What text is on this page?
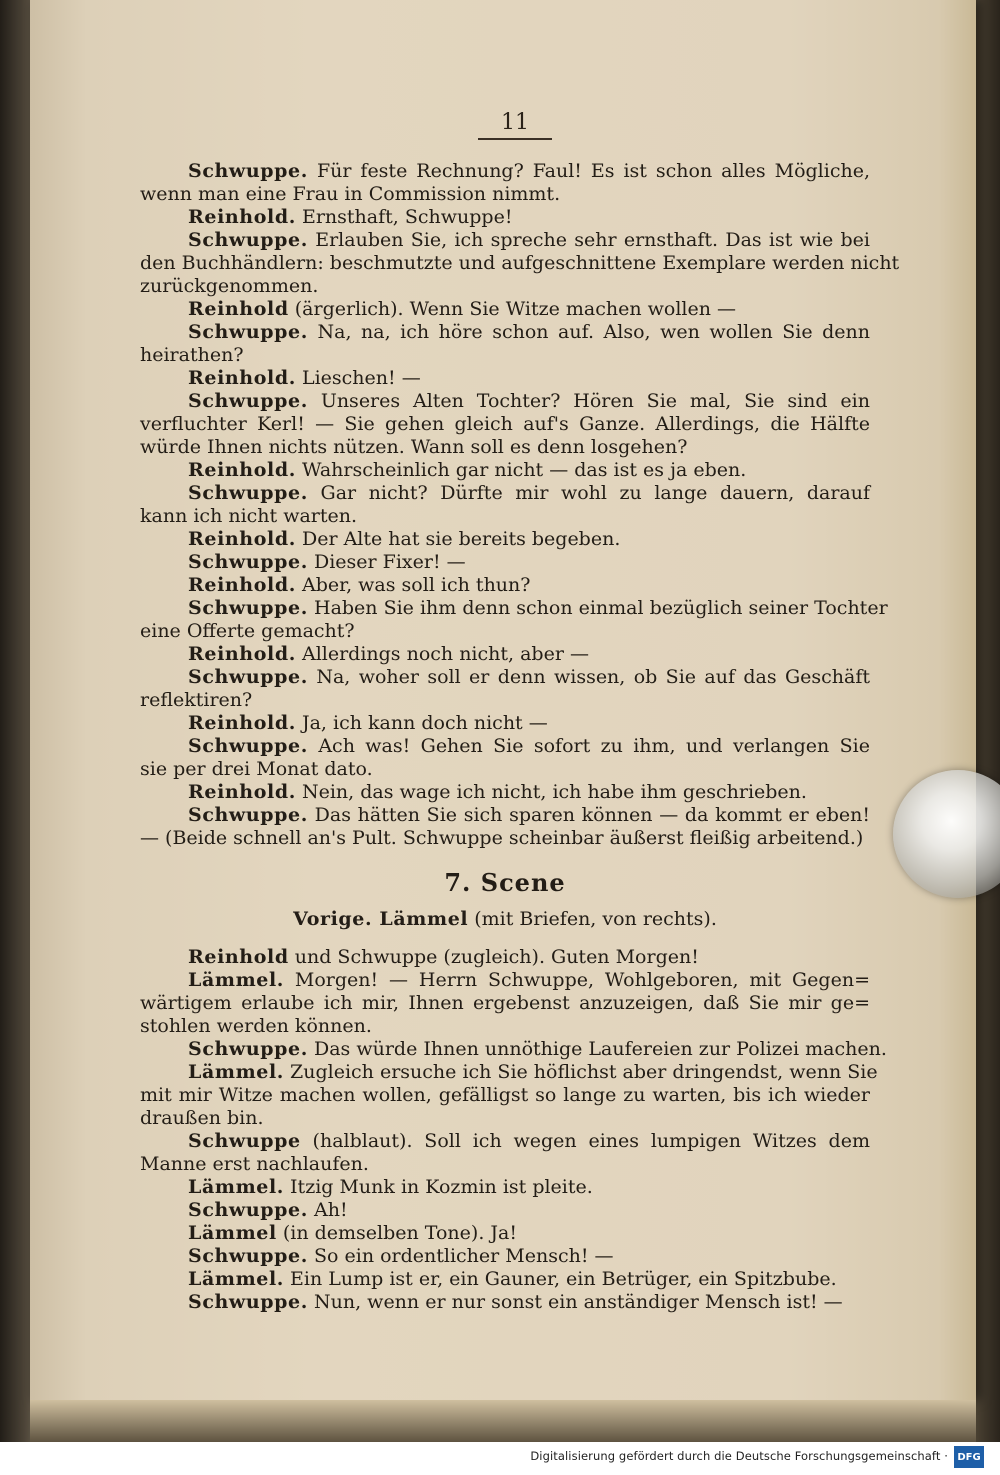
11
Schwuppe. Für feste Rechnung? Faul! Es ist schon alles Mögliche,
wenn man eine Frau in Commission nimmt.
Reinhold. Ernsthaft, Schwuppe!
Schwuppe. Erlauben Sie, ich spreche sehr ernsthaft. Das ist wie bei
den Buchhändlern: beschmutzte und aufgeschnittene Exemplare werden nicht
zurückgenommen.
Reinhold (ärgerlich). Wenn Sie Witze machen wollen —
Schwuppe. Na, na, ich höre schon auf. Also, wen wollen Sie denn
heirathen?
Reinhold. Lieschen! —
Schwuppe. Unseres Alten Tochter? Hören Sie mal, Sie sind ein
verfluchter Kerl! — Sie gehen gleich auf's Ganze. Allerdings, die Hälfte
würde Ihnen nichts nützen. Wann soll es denn losgehen?
Reinhold. Wahrscheinlich gar nicht — das ist es ja eben.
Schwuppe. Gar nicht? Dürfte mir wohl zu lange dauern, darauf
kann ich nicht warten.
Reinhold. Der Alte hat sie bereits begeben.
Schwuppe. Dieser Fixer! —
Reinhold. Aber, was soll ich thun?
Schwuppe. Haben Sie ihm denn schon einmal bezüglich seiner Tochter
eine Offerte gemacht?
Reinhold. Allerdings noch nicht, aber —
Schwuppe. Na, woher soll er denn wissen, ob Sie auf das Geschäft
reflektiren?
Reinhold. Ja, ich kann doch nicht —
Schwuppe. Ach was! Gehen Sie sofort zu ihm, und verlangen Sie
sie per drei Monat dato.
Reinhold. Nein, das wage ich nicht, ich habe ihm geschrieben.
Schwuppe. Das hätten Sie sich sparen können — da kommt er eben!
— (Beide schnell an's Pult. Schwuppe scheinbar äußerst fleißig arbeitend.)
7. Scene
Vorige. Lämmel (mit Briefen, von rechts).
Reinhold und Schwuppe (zugleich). Guten Morgen!
Lämmel. Morgen! — Herrn Schwuppe, Wohlgeboren, mit Gegen=
wärtigem erlaube ich mir, Ihnen ergebenst anzuzeigen, daß Sie mir ge=
stohlen werden können.
Schwuppe. Das würde Ihnen unnöthige Laufereien zur Polizei machen.
Lämmel. Zugleich ersuche ich Sie höflichst aber dringendst, wenn Sie
mit mir Witze machen wollen, gefälligst so lange zu warten, bis ich wieder
draußen bin.
Schwuppe (halblaut). Soll ich wegen eines lumpigen Witzes dem
Manne erst nachlaufen.
Lämmel. Itzig Munk in Kozmin ist pleite.
Schwuppe. Ah!
Lämmel (in demselben Tone). Ja!
Schwuppe. So ein ordentlicher Mensch! —
Lämmel. Ein Lump ist er, ein Gauner, ein Betrüger, ein Spitzbube.
Schwuppe. Nun, wenn er nur sonst ein anständiger Mensch ist! —
Digitalisierung gefördert durch die Deutsche Forschungsgemeinschaft · DFG
